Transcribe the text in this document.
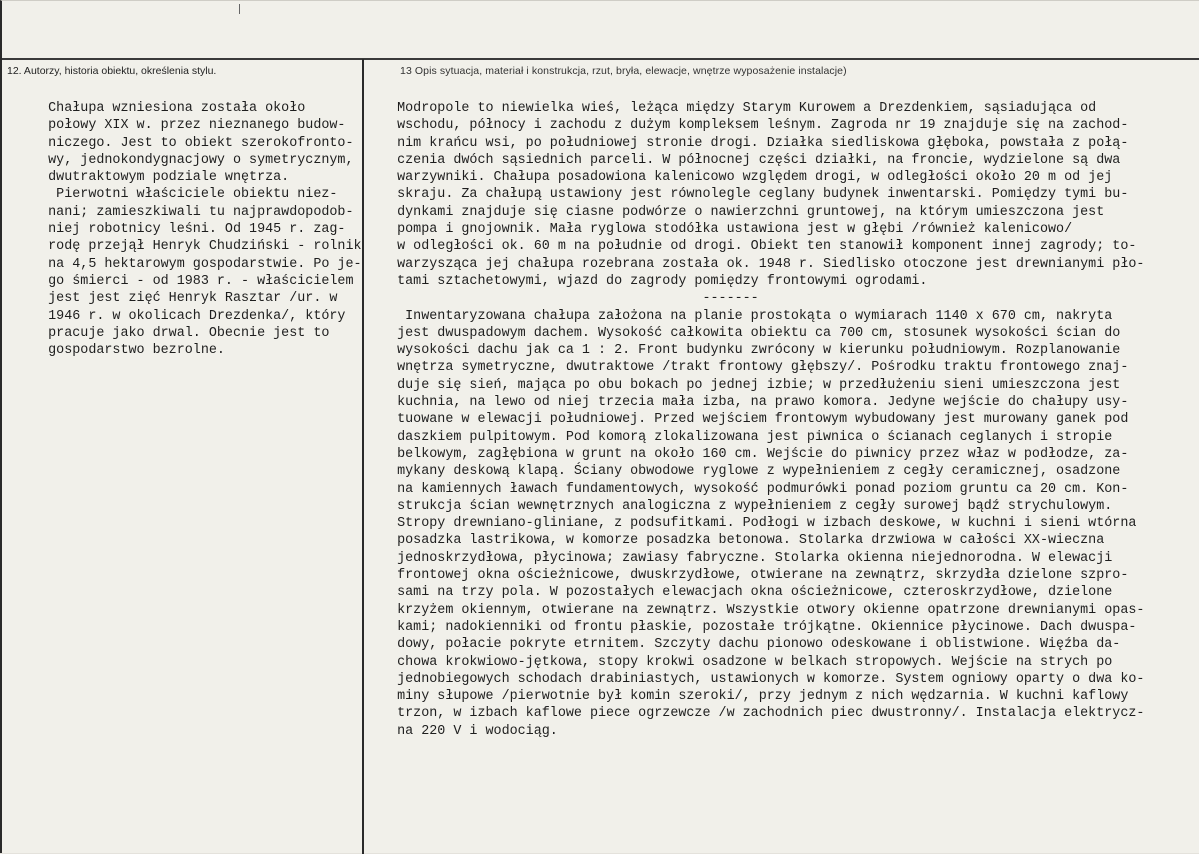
12. Autorzy, historia obiektu, określenia stylu.	13 Opis sytuacja, materiał i konstrukcja, rzut, bryła, elewacje, wnętrze wyposażenie instalacje)
Chałupa wzniesiona została około
połowy XIX w. przez nieznanego budow-
niczego. Jest to obiekt szerokofronto-
wy, jednokondygnacjowy o symetrycznym,
dwutraktowym podziale wnętrza.
Pierwotni właściciele obiektu niez-
nani; zamieszkiwali tu najprawdopodob-
niej robotnicy leśni. Od 1945 r. zag-
rodę przejął Henryk Chudziński - rolnik
na 4,5 hektarowym gospodarstwie. Po je-
go śmierci - od 1983 r. - właścicielem
jest jest zięć Henryk Rasztar /ur. w
1946 r. w okolicach Drezdenka/, który
pracuje jako drwal. Obecnie jest to
gospodarstwo bezrolne.
Modropole to niewielka wieś, leżąca między Starym Kurowem a Drezdenkiem, sąsiadująca od
wschodu, północy i zachodu z dużym kompleksem leśnym. Zagroda nr 19 znajduje się na zachod-
nim krańcu wsi, po południowej stronie drogi. Działka siedliskowa głęboka, powstała z połą-
czenia dwóch sąsiednich parceli. W północnej części działki, na froncie, wydzielone są dwa
warzywniki. Chałupa posadowiona kalenicowo względem drogi, w odległości około 20 m od jej
skraju. Za chałupą ustawiony jest równolegle ceglany budynek inwentarski. Pomiędzy tymi bu-
dynkami znajduje się ciasne podwórze o nawierzchni gruntowej, na którym umieszczona jest
pompa i gnojownik. Mała ryglowa stodółka ustawiona jest w głębi /również kalenicowo/
w odległości ok. 60 m na południe od drogi. Obiekt ten stanowił komponent innej zagrody; to-
warzysząca jej chałupa rozebrana została ok. 1948 r. Siedlisko otoczone jest drewnianymi pło-
tami sztachetowymi, wjazd do zagrody pomiędzy frontowymi ogrodami.
-------
Inwentaryzowana chałupa założona na planie prostokąta o wymiarach 1140 x 670 cm, nakryta
jest dwuspadowym dachem. Wysokość całkowita obiektu ca 700 cm, stosunek wysokości ścian do
wysokości dachu jak ca 1 : 2. Front budynku zwrócony w kierunku południowym. Rozplanowanie
wnętrza symetryczne, dwutraktowe /trakt frontowy głębszy/. Pośrodku traktu frontowego znaj-
duje się sień, mająca po obu bokach po jednej izbie; w przedłużeniu sieni umieszczona jest
kuchnia, na lewo od niej trzecia mała izba, na prawo komora. Jedyne wejście do chałupy usy-
tuowane w elewacji południowej. Przed wejściem frontowym wybudowany jest murowany ganek pod
daszkiem pulpitowym. Pod komorą zlokalizowana jest piwnica o ścianach ceglanych i stropie
belkowym, zagłębiona w grunt na około 160 cm. Wejście do piwnicy przez właz w podłodze, za-
mykany deskową klapą. Ściany obwodowe ryglowe z wypełnieniem z cegły ceramicznej, osadzone
na kamiennych ławach fundamentowych, wysokość podmurówki ponad poziom gruntu ca 20 cm. Kon-
strukcja ścian wewnętrznych analogiczna z wypełnieniem z cegły surowej bądź strychulowym.
Stropy drewniano-gliniane, z podsufitkami. Podłogi w izbach deskowe, w kuchni i sieni wtórna
posadzka lastrikowa, w komorze posadzka betonowa. Stolarka drzwiowa w całości XX-wieczna
jednoskrzydłowa, płycinowa; zawiasy fabryczne. Stolarka okienna niejednorodna. W elewacji
frontowej okna ościeżnicowe, dwuskrzydłowe, otwierane na zewnątrz, skrzydła dzielone szpro-
sami na trzy pola. W pozostałych elewacjach okna ościeżnicowe, czteroskrzydłowe, dzielone
krzyżem okiennym, otwierane na zewnątrz. Wszystkie otwory okienne opatrzone drewnianymi opas-
kami; nadokienniki od frontu płaskie, pozostałe trójkątne. Okiennice płycinowe. Dach dwuspa-
dowy, połacie pokryte etrnitem. Szczyty dachu pionowo odeskowane i oblistwione. Więźba da-
chowa krokwiowo-jętkowa, stopy krokwi osadzone w belkach stropowych. Wejście na strych po
jednobiegowych schodach drabiniastych, ustawionych w komorze. System ogniowy oparty o dwa ko-
miny słupowe /pierwotnie był komin szeroki/, przy jednym z nich wędzarnia. W kuchni kaflowy
trzon, w izbach kaflowe piece ogrzewcze /w zachodnich piec dwustronny/. Instalacja elektrycz-
na 220 V i wodociąg.
